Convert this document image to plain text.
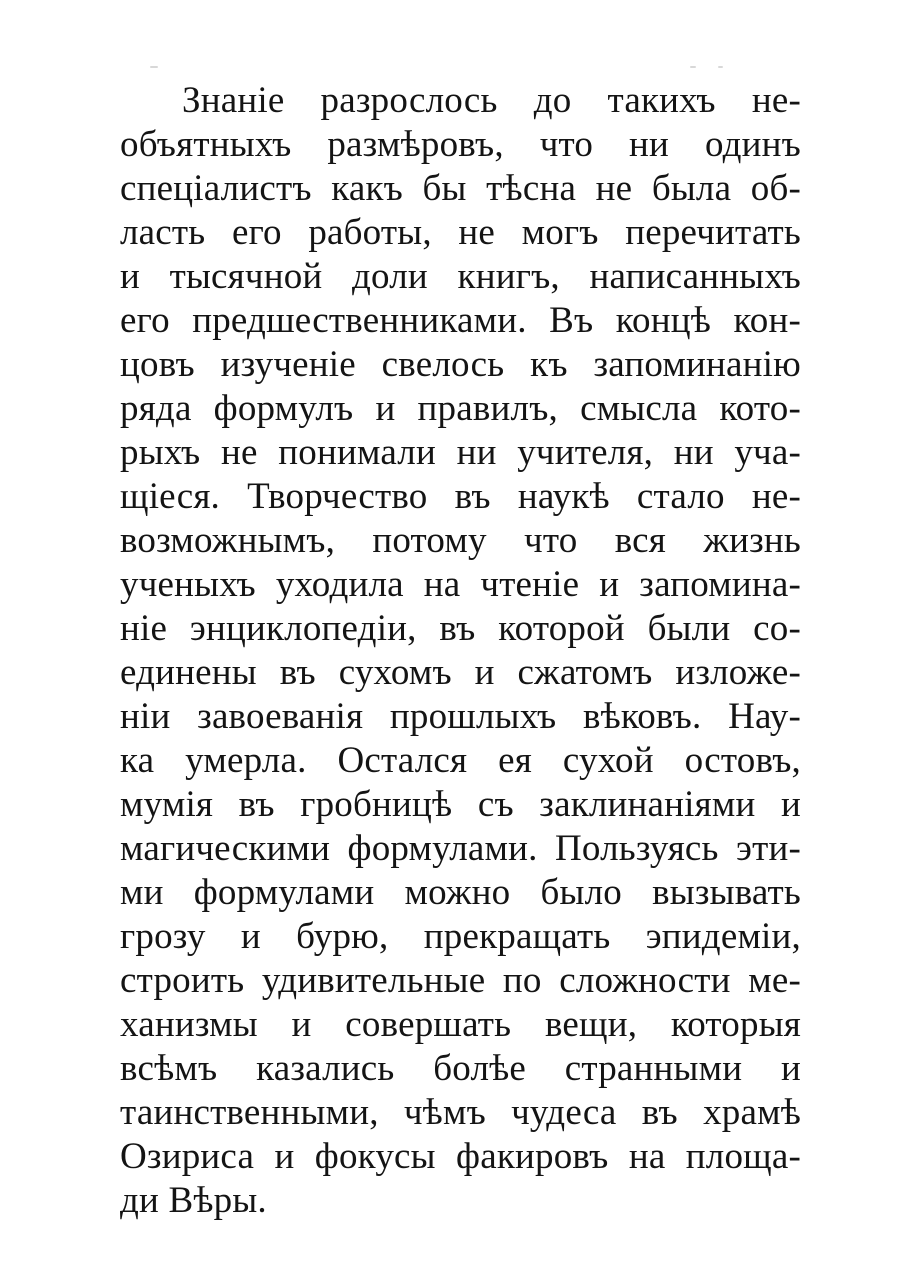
Знаніе разрослось до такихъ не-
объятныхъ размѣровъ, что ни одинъ
спеціалистъ какъ бы тѣсна не была об-
ласть его работы, не могъ перечитать
и тысячной доли книгъ, написанныхъ
его предшественниками. Въ концѣ кон-
цовъ изученіе свелось къ запоминанію
ряда формулъ и правилъ, смысла кото-
рыхъ не понимали ни учителя, ни уча-
щіеся. Творчество въ наукѣ стало не-
возможнымъ, потому что вся жизнь
ученыхъ уходила на чтеніе и запомина-
ніе энциклопедіи, въ которой были со-
единены въ сухомъ и сжатомъ изложе-
ніи завоеванія прошлыхъ вѣковъ. Нау-
ка умерла. Остался ея сухой остовъ,
мумія въ гробницѣ съ заклинаніями и
магическими формулами. Пользуясь эти-
ми формулами можно было вызывать
грозу и бурю, прекращать эпидеміи,
строить удивительные по сложности ме-
ханизмы и совершать вещи, которыя
всѣмъ казались болѣе странными и
таинственными, чѣмъ чудеса въ храмѣ
Озириса и фокусы факировъ на площа-
ди Вѣры.
